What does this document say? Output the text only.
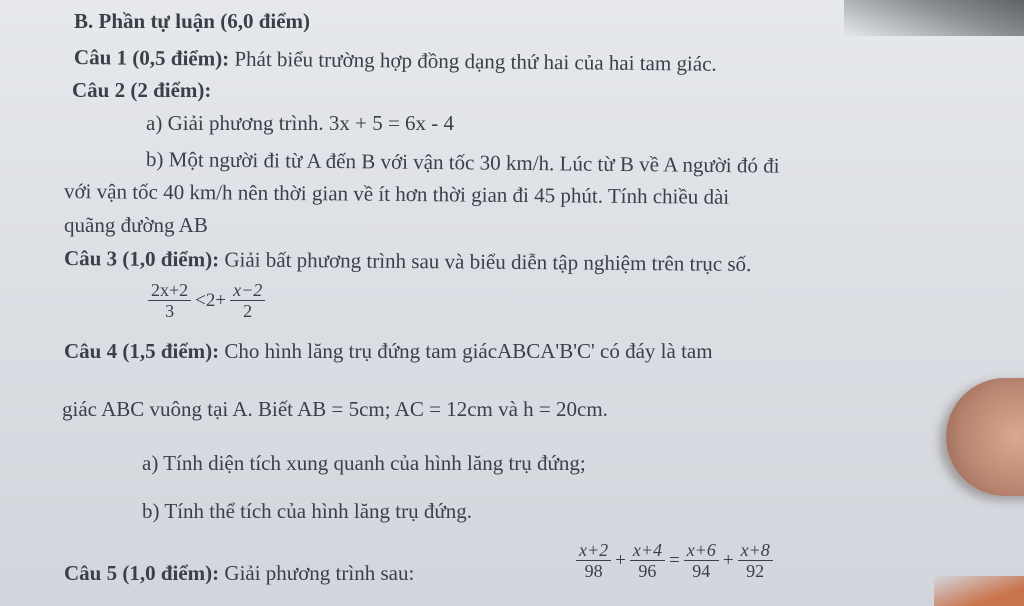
B. Phần tự luận (6,0 điểm)
Câu 1 (0,5 điểm): Phát biểu trường hợp đồng dạng thứ hai của hai tam giác.
Câu 2 (2 điểm):
a) Giải phương trình. 3x + 5 = 6x - 4
b) Một người đi từ A đến B với vận tốc 30 km/h. Lúc từ B về A người đó đi
với vận tốc 40 km/h nên thời gian về ít hơn thời gian đi 45 phút. Tính chiều dài
quãng đường AB
Câu 3 (1,0 điểm): Giải bất phương trình sau và biểu diễn tập nghiệm trên trục số.
$\frac{2x+2}{3} <2+ \frac{x-2}{2}$
Câu 4 (1,5 điểm): Cho hình lăng trụ đứng tam giácABCA'B'C' có đáy là tam
giác ABC vuông tại A. Biết AB = 5cm; AC = 12cm và h = 20cm.
a) Tính diện tích xung quanh của hình lăng trụ đứng;
b) Tính thể tích của hình lăng trụ đứng.
Câu 5 (1,0 điểm): Giải phương trình sau:	$\frac{x+2}{98} + \frac{x+4}{96} = \frac{x+6}{94} + \frac{x+8}{92}$
